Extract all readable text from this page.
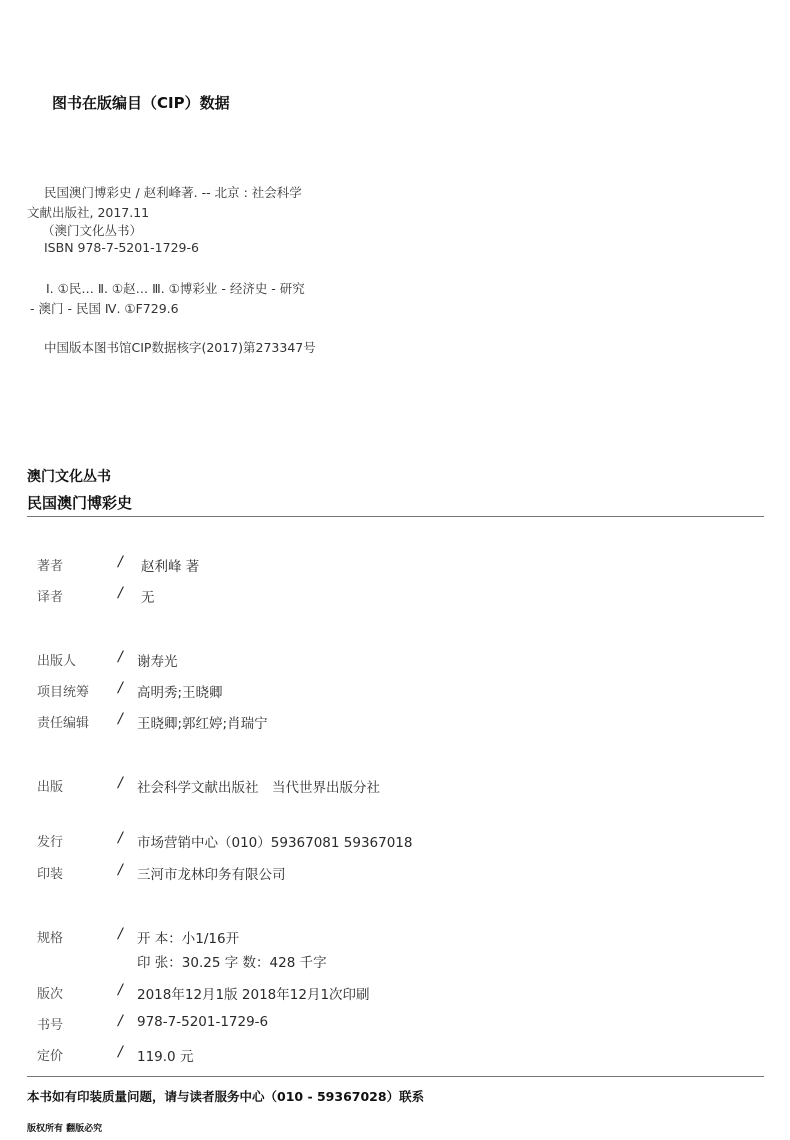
图书在版编目（CIP）数据
民国澳门博彩史 / 赵利峰著. -- 北京 : 社会科学
文献出版社, 2017.11
（澳门文化丛书）
ISBN 978-7-5201-1729-6
Ⅰ. ①民… Ⅱ. ①赵… Ⅲ. ①博彩业 - 经济史 - 研究
- 澳门 - 民国 Ⅳ. ①F729.6
中国版本图书馆CIP数据核字(2017)第273347号
澳门文化丛书
民国澳门博彩史
著者	/ 赵利峰 著
译者	/ 无
出版人	/ 谢寿光
项目统筹 / 高明秀;王晓卿
责任编辑 / 王晓卿;郭红婷;肖瑞宁
出版	/ 社会科学文献出版社　当代世界出版分社
发行	/ 市场营销中心（010）59367081 59367018
印装	/ 三河市龙林印务有限公司
规格	/ 开 本：小1/16开
印 张：30.25 字 数：428 千字
版次	/ 2018年12月1版 2018年12月1次印刷
书号	/ 978-7-5201-1729-6
定价	/ 119.0 元
本书如有印装质量问题，请与读者服务中心（010 - 59367028）联系
版权所有 翻版必究
